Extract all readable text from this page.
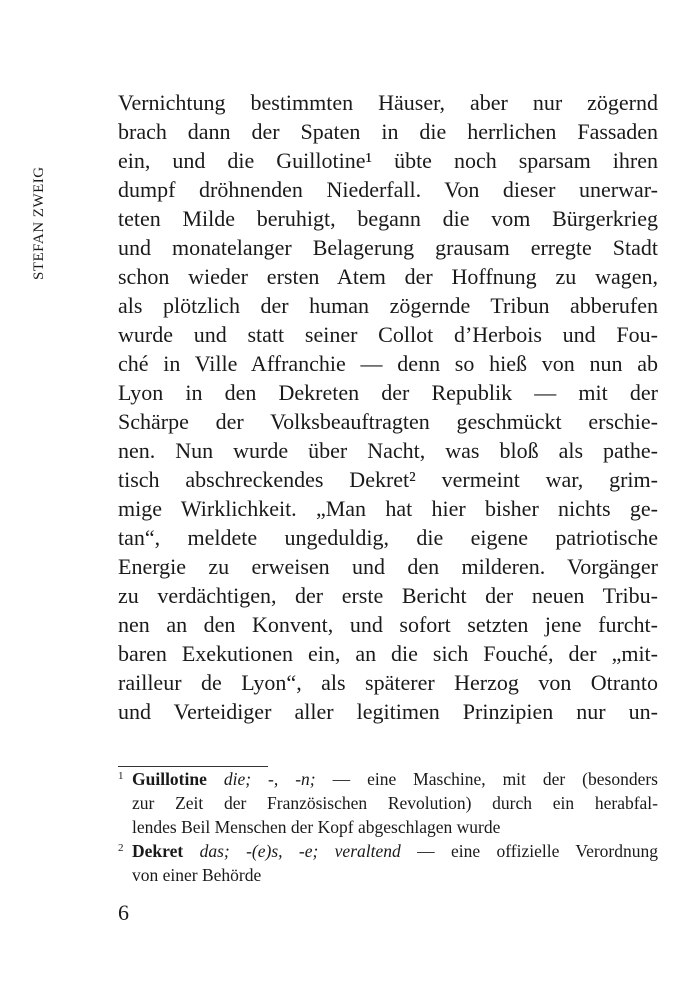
STEFAN ZWEIG
Vernichtung bestimmten Häuser, aber nur zögernd
brach dann der Spaten in die herrlichen Fassaden
ein, und die Guillotine¹ übte noch sparsam ihren
dumpf dröhnenden Niederfall. Von dieser unerwar-
teten Milde beruhigt, begann die vom Bürgerkrieg
und monatelanger Belagerung grausam erregte Stadt
schon wieder ersten Atem der Hoffnung zu wagen,
als plötzlich der human zögernde Tribun abberufen
wurde und statt seiner Collot d’Herbois und Fou-
ché in Ville Affranchie — denn so hieß von nun ab
Lyon in den Dekreten der Republik — mit der
Schärpe der Volksbeauftragten geschmückt erschie-
nen. Nun wurde über Nacht, was bloß als pathe-
tisch abschreckendes Dekret² vermeint war, grim-
mige Wirklichkeit. „Man hat hier bisher nichts ge-
tan“, meldete ungeduldig, die eigene patriotische
Energie zu erweisen und den milderen. Vorgänger
zu verdächtigen, der erste Bericht der neuen Tribu-
nen an den Konvent, und sofort setzten jene furcht-
baren Exekutionen ein, an die sich Fouché, der „mit-
railleur de Lyon“, als späterer Herzog von Otranto
und Verteidiger aller legitimen Prinzipien nur un-
1 Guillotine die; -, -n; — eine Maschine, mit der (besonders
zur Zeit der Französischen Revolution) durch ein herabfal-
lendes Beil Menschen der Kopf abgeschlagen wurde
2 Dekret das; -(e)s, -e; veraltend — eine offizielle Verordnung
von einer Behörde
6
